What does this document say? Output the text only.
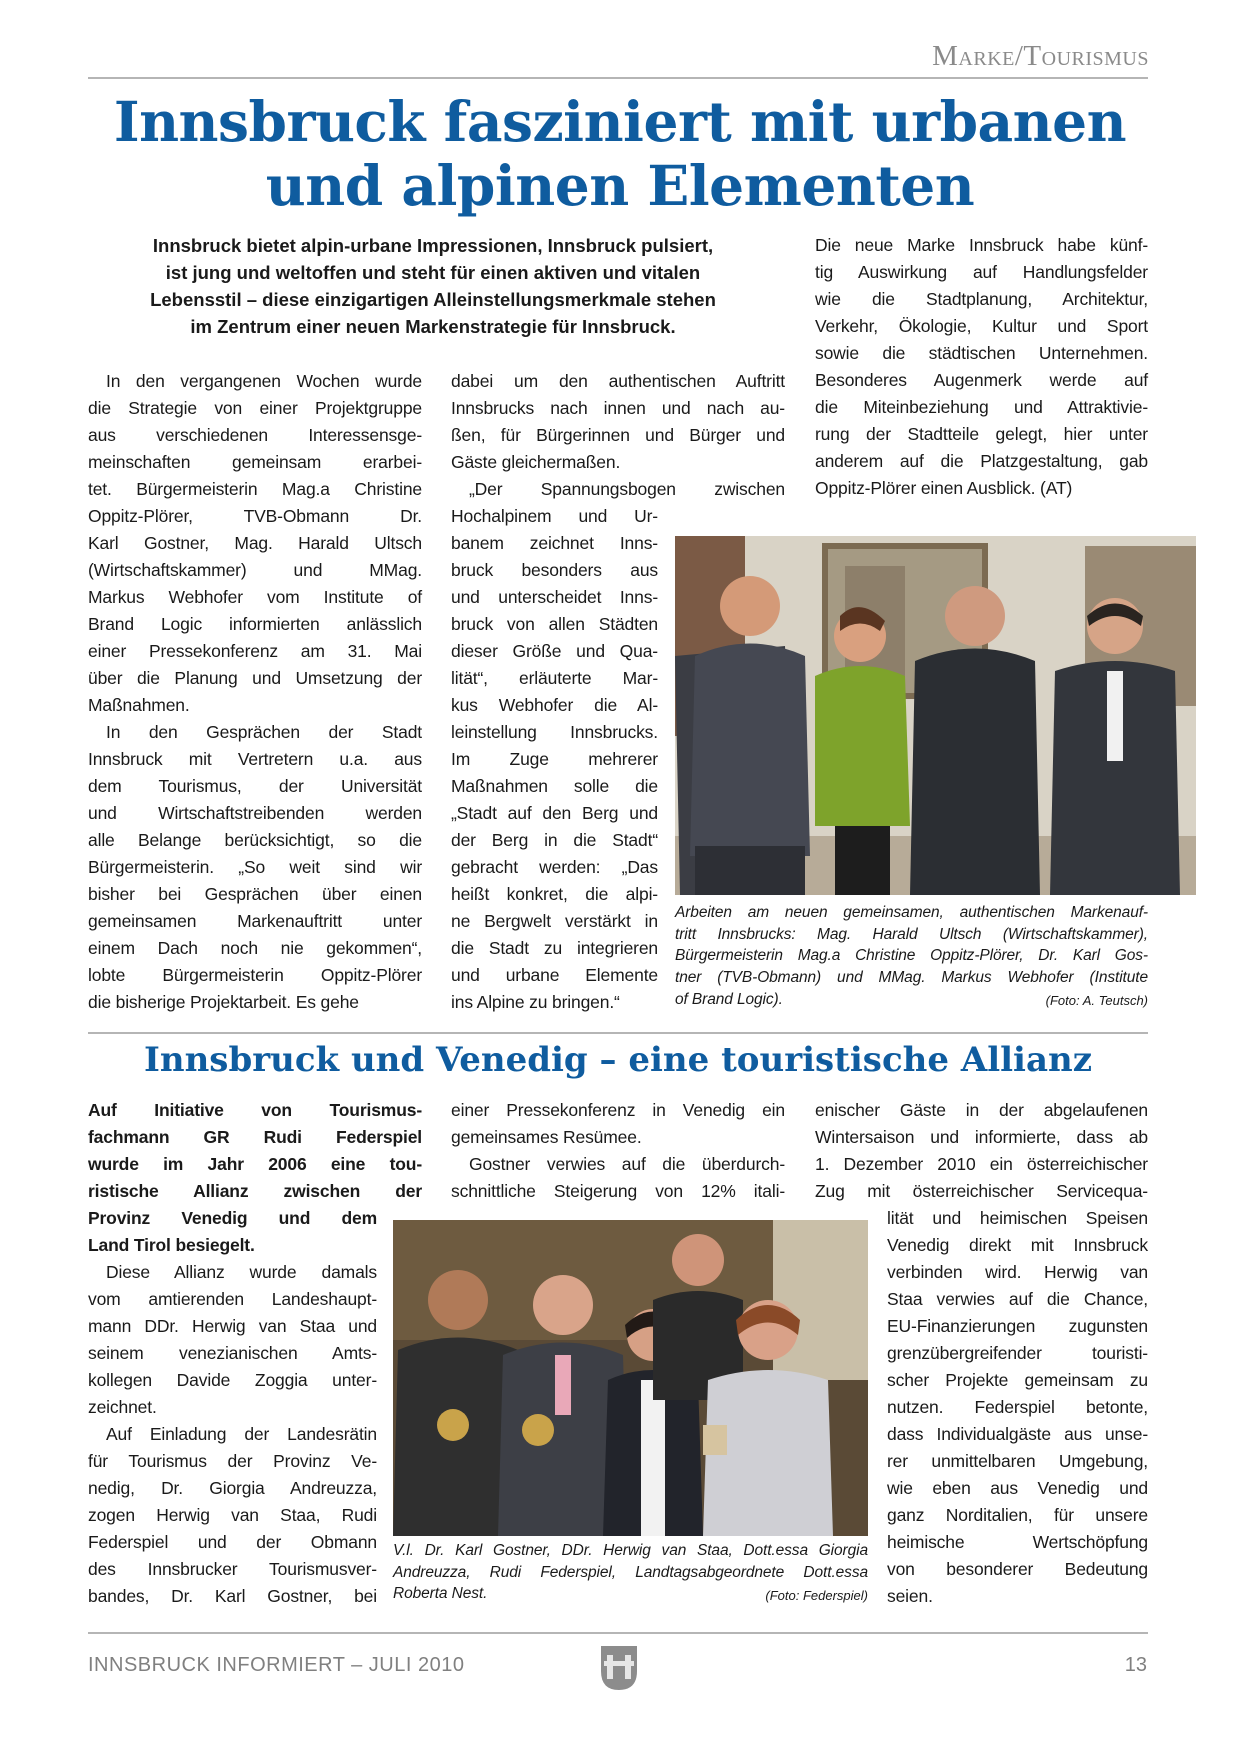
Marke/Tourismus
Innsbruck fasziniert mit urbanen
und alpinen Elementen
Innsbruck bietet alpin-urbane Impressionen, Innsbruck pulsiert,
ist jung und weltoffen und steht für einen aktiven und vitalen
Lebensstil – diese einzigartigen Alleinstellungsmerkmale stehen
im Zentrum einer neuen Markenstrategie für Innsbruck.
In den vergangenen Wochen wurde
die Strategie von einer Projektgruppe
aus verschiedenen Interessensge-
meinschaften gemeinsam erarbei-
tet. Bürgermeisterin Mag.a Christine
Oppitz-Plörer, TVB-Obmann Dr.
Karl Gostner, Mag. Harald Ultsch
(Wirtschaftskammer) und MMag.
Markus Webhofer vom Institute of
Brand Logic informierten anlässlich
einer Pressekonferenz am 31. Mai
über die Planung und Umsetzung der
Maßnahmen.
In den Gesprächen der Stadt
Innsbruck mit Vertretern u.a. aus
dem Tourismus, der Universität
und Wirtschaftstreibenden werden
alle Belange berücksichtigt, so die
Bürgermeisterin. „So weit sind wir
bisher bei Gesprächen über einen
gemeinsamen Markenauftritt unter
einem Dach noch nie gekommen“,
lobte Bürgermeisterin Oppitz-Plörer
die bisherige Projektarbeit. Es gehe
dabei um den authentischen Auftritt
Innsbrucks nach innen und nach au-
ßen, für Bürgerinnen und Bürger und
Gäste gleichermaßen.
„Der Spannungsbogen zwischen
Hochalpinem und Ur-
banem zeichnet Inns-
bruck besonders aus
und unterscheidet Inns-
bruck von allen Städten
dieser Größe und Qua-
lität“, erläuterte Mar-
kus Webhofer die Al-
leinstellung Innsbrucks.
Im Zuge mehrerer
Maßnahmen solle die
„Stadt auf den Berg und
der Berg in die Stadt“
gebracht werden: „Das
heißt konkret, die alpi-
ne Bergwelt verstärkt in
die Stadt zu integrieren
und urbane Elemente
ins Alpine zu bringen.“
Die neue Marke Innsbruck habe künf-
tig Auswirkung auf Handlungsfelder
wie die Stadtplanung, Architektur,
Verkehr, Ökologie, Kultur und Sport
sowie die städtischen Unternehmen.
Besonderes Augenmerk werde auf
die Miteinbeziehung und Attraktivie-
rung der Stadtteile gelegt, hier unter
anderem auf die Platzgestaltung, gab
Oppitz-Plörer einen Ausblick. (AT)
Arbeiten am neuen gemeinsamen, authentischen Markenauf-
tritt Innsbrucks: Mag. Harald Ultsch (Wirtschaftskammer),
Bürgermeisterin Mag.a Christine Oppitz-Plörer, Dr. Karl Gos-
tner (TVB-Obmann) und MMag. Markus Webhofer (Institute
of Brand Logic).	(Foto: A. Teutsch)
Innsbruck und Venedig – eine touristische Allianz
Auf Initiative von Tourismus-
fachmann GR Rudi Federspiel
wurde im Jahr 2006 eine tou-
ristische Allianz zwischen der
Provinz Venedig und dem
Land Tirol besiegelt.
Diese Allianz wurde damals
vom amtierenden Landeshaupt-
mann DDr. Herwig van Staa und
seinem venezianischen Amts-
kollegen Davide Zoggia unter-
zeichnet.
Auf Einladung der Landesrätin
für Tourismus der Provinz Ve-
nedig, Dr. Giorgia Andreuzza,
zogen Herwig van Staa, Rudi
Federspiel und der Obmann
des Innsbrucker Tourismusver-
bandes, Dr. Karl Gostner, bei
einer Pressekonferenz in Venedig ein
gemeinsames Resümee.
Gostner verwies auf die überdurch-
schnittliche Steigerung von 12% itali-
enischer Gäste in der abgelaufenen
Wintersaison und informierte, dass ab
1. Dezember 2010 ein österreichischer
Zug mit österreichischer Servicequa-
lität und heimischen Speisen
Venedig direkt mit Innsbruck
verbinden wird. Herwig van
Staa verwies auf die Chance,
EU-Finanzierungen zugunsten
grenzübergreifender touristi-
scher Projekte gemeinsam zu
nutzen. Federspiel betonte,
dass Individualgäste aus unse-
rer unmittelbaren Umgebung,
wie eben aus Venedig und
ganz Norditalien, für unsere
heimische Wertschöpfung
von besonderer Bedeutung
seien.
V.l. Dr. Karl Gostner, DDr. Herwig van Staa, Dott.essa Giorgia
Andreuzza, Rudi Federspiel, Landtagsabgeordnete Dott.essa
Roberta Nest.	(Foto: Federspiel)
INNSBRUCK INFORMIERT – JULI 2010	13
